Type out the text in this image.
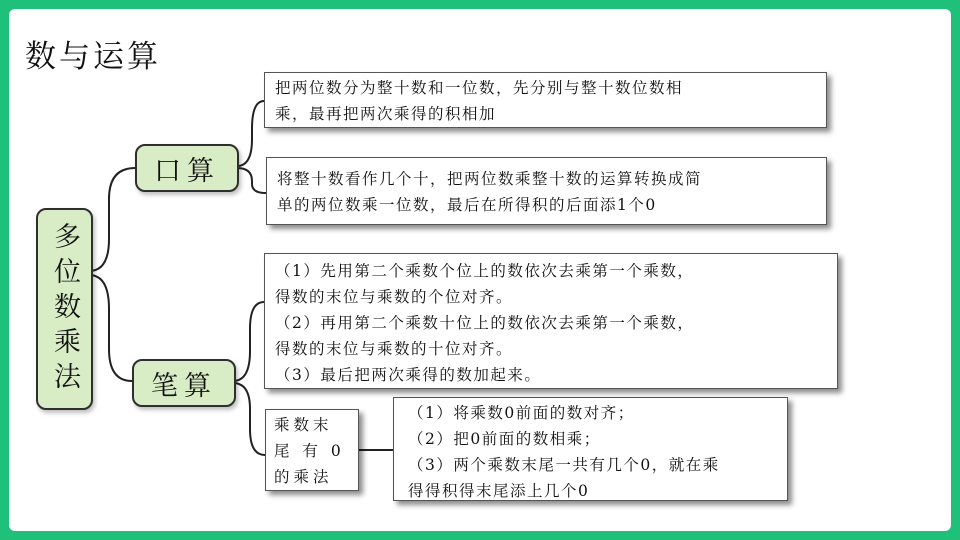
数与运算
多位数乘法
口算
笔算
把两位数分为整十数和一位数，先分别与整十数位数相
乘，最再把两次乘得的积相加
将整十数看作几个十，把两位数乘整十数的运算转换成简
单的两位数乘一位数，最后在所得积的后面添1个0
（1）先用第二个乘数个位上的数依次去乘第一个乘数，
得数的末位与乘数的个位对齐。
（2）再用第二个乘数十位上的数依次去乘第一个乘数，
得数的末位与乘数的十位对齐。
（3）最后把两次乘得的数加起来。
乘数末
尾 有 0
的乘法
（1）将乘数0前面的数对齐；
（2）把0前面的数相乘；
（3）两个乘数末尾一共有几个0，就在乘
得得积得末尾添上几个0
